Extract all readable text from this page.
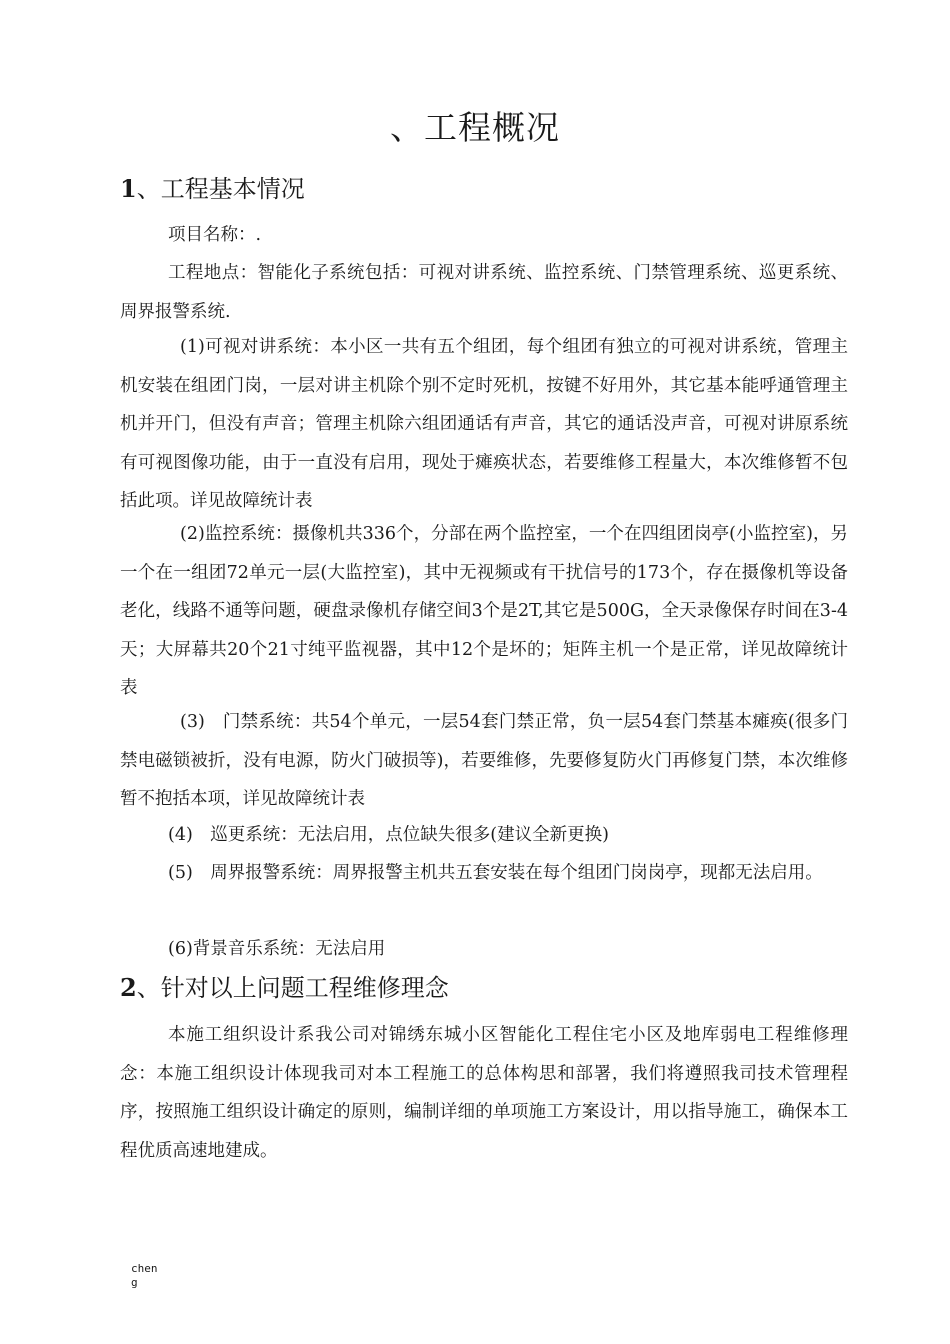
、工程概况
1、工程基本情况
项目名称：.
工程地点：智能化子系统包括：可视对讲系统、监控系统、门禁管理系统、巡更系统、周界报警系统.
(1)可视对讲系统：本小区一共有五个组团，每个组团有独立的可视对讲系统，管理主机安装在组团门岗，一层对讲主机除个别不定时死机，按键不好用外，其它基本能呼通管理主机并开门，但没有声音；管理主机除六组团通话有声音，其它的通话没声音，可视对讲原系统有可视图像功能，由于一直没有启用，现处于瘫痪状态，若要维修工程量大，本次维修暂不包括此项。详见故障统计表
(2)监控系统：摄像机共336个，分部在两个监控室，一个在四组团岗亭(小监控室)，另一个在一组团72单元一层(大监控室)，其中无视频或有干扰信号的173个，存在摄像机等设备老化，线路不通等问题，硬盘录像机存储空间3个是2T,其它是500G，全天录像保存时间在3-4天；大屏幕共20个21寸纯平监视器，其中12个是坏的；矩阵主机一个是正常，详见故障统计表
(3)　门禁系统：共54个单元，一层54套门禁正常，负一层54套门禁基本瘫痪(很多门禁电磁锁被折，没有电源，防火门破损等)，若要维修，先要修复防火门再修复门禁，本次维修暂不抱括本项，详见故障统计表
(4)　巡更系统：无法启用，点位缺失很多(建议全新更换)
(5)　周界报警系统：周界报警主机共五套安装在每个组团门岗岗亭，现都无法启用。
(6)背景音乐系统：无法启用
2、针对以上问题工程维修理念
本施工组织设计系我公司对锦绣东城小区智能化工程住宅小区及地库弱电工程维修理念：本施工组织设计体现我司对本工程施工的总体构思和部署，我们将遵照我司技术管理程序，按照施工组织设计确定的原则，编制详细的单项施工方案设计，用以指导施工，确保本工程优质高速地建成。
cheng
